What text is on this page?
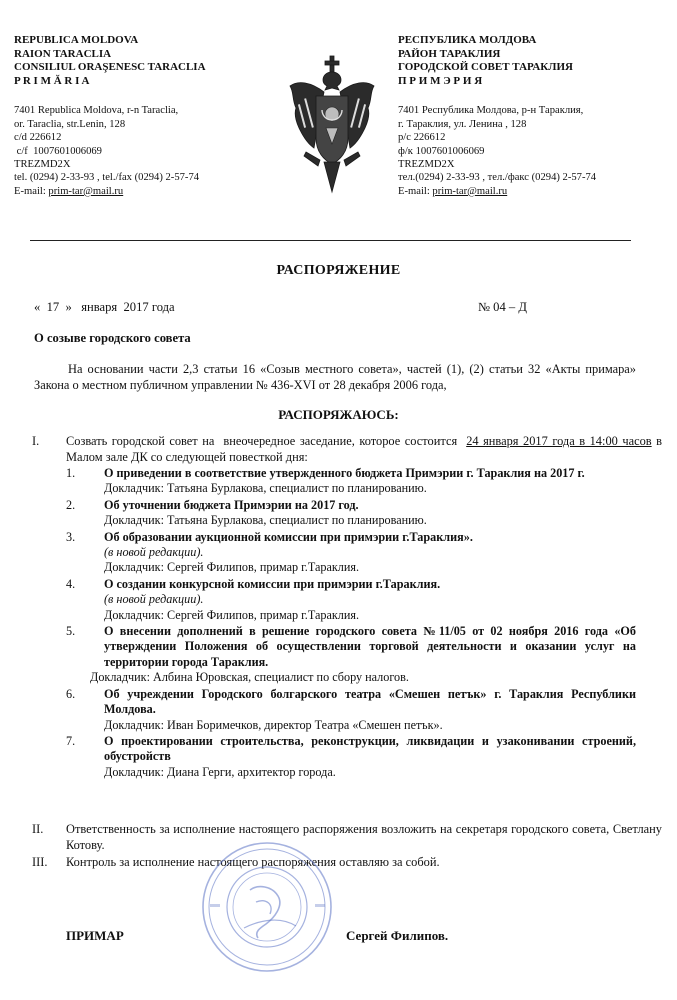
REPUBLICA MOLDOVA
RAION TARACLIA
CONSILIUL ORAŞENESC TARACLIA
P R I M Ă R I A
7401 Republica Moldova, r-n Taraclia,
or. Taraclia, str.Lenin, 128
c/d 226612
c/f  1007601006069
TREZMD2X
tel. (0294) 2-33-93 , tel./fax (0294) 2-57-74
E-mail: prim-tar@mail.ru
РЕСПУБЛИКА МОЛДОВА
РАЙОН ТАРАКЛИЯ
ГОРОДСКОЙ СОВЕТ ТАРАКЛИЯ
П Р И М Э Р И Я
7401 Республика Молдова, р-н Тараклия,
г. Тараклия, ул. Ленина , 128
р/с 226612
ф/к 1007601006069
TREZMD2X
тел.(0294) 2-33-93 , тел./факс (0294) 2-57-74
E-mail: prim-tar@mail.ru
РАСПОРЯЖЕНИЕ
«  17  »   января  2017 года	№ 04 – Д
О созыве городского совета
На основании части 2,3 статьи 16 «Созыв местного совета», частей (1), (2) статьи 32 «Акты примара» Закона о местном публичном управлении № 436-XVI от 28 декабря 2006 года,
РАСПОРЯЖАЮСЬ:
I.	Созвать городской совет на  внеочередное заседание, которое состоится  24 января 2017 года в 14:00 часов в Малом зале ДК со следующей повесткой дня:
1.	О приведении в соответствие утвержденного бюджета Примэрии г. Тараклия на 2017 г.
Докладчик: Татьяна Бурлакова, специалист по планированию.
2.	Об уточнении бюджета Примэрии на 2017 год.
Докладчик: Татьяна Бурлакова, специалист по планированию.
3.	Об образовании аукционной комиссии при примэрии г.Тараклия».
(в новой редакции).
Докладчик: Сергей Филипов, примар г.Тараклия.
4.	О создании конкурсной комиссии при примэрии г.Тараклия.
(в новой редакции).
Докладчик: Сергей Филипов, примар г.Тараклия.
5.	О внесении дополнений в решение городского совета №11/05 от 02 ноября 2016 года «Об утверждении Положения об осуществлении торговой деятельности и оказании услуг на территории города Тараклия.
Докладчик: Албина Юровская, специалист по сбору налогов.
6.	Об учреждении Городского болгарского театра «Смешен петък» г. Тараклия Республики Молдова.
Докладчик: Иван Боримечков, директор Театра «Смешен петък».
7.	О проектировании строительства, реконструкции, ликвидации и узаконивании строений, обустройств
Докладчик: Диана Герги, архитектор города.
II.	Ответственность за исполнение настоящего распоряжения возложить на секретаря городского совета, Светлану Котову.
III.	Контроль за исполнение настоящего распоряжения оставляю за собой.
ПРИМАР	Сергей Филипов.
